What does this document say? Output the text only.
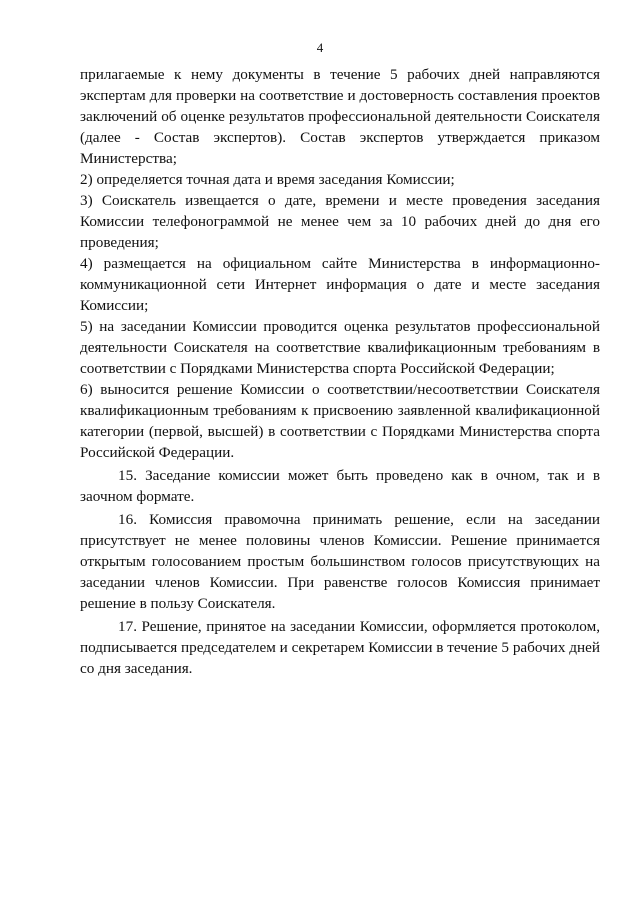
4

прилагаемые к нему документы в течение 5 рабочих дней направляются экспертам для проверки на соответствие и достоверность составления проектов заключений об оценке результатов профессиональной деятельности Соискателя (далее - Состав экспертов). Состав экспертов утверждается приказом Министерства;

2) определяется точная дата и время заседания Комиссии;

3) Соискатель извещается о дате, времени и месте проведения заседания Комиссии телефонограммой не менее чем за 10 рабочих дней до дня его проведения;

4) размещается на официальном сайте Министерства в информационно-коммуникационной сети Интернет информация о дате и месте заседания Комиссии;

5) на заседании Комиссии проводится оценка результатов профессиональной деятельности Соискателя на соответствие квалификационным требованиям в соответствии с Порядками Министерства спорта Российской Федерации;

6) выносится решение Комиссии о соответствии/несоответствии Соискателя квалификационным требованиям к присвоению заявленной квалификационной категории (первой, высшей) в соответствии с Порядками Министерства спорта Российской Федерации.

15. Заседание комиссии может быть проведено как в очном, так и в заочном формате.

16. Комиссия правомочна принимать решение, если на заседании присутствует не менее половины членов Комиссии. Решение принимается открытым голосованием простым большинством голосов присутствующих на заседании членов Комиссии. При равенстве голосов Комиссия принимает решение в пользу Соискателя.

17. Решение, принятое на заседании Комиссии, оформляется протоколом, подписывается председателем и секретарем Комиссии в течение 5 рабочих дней со дня заседания.
